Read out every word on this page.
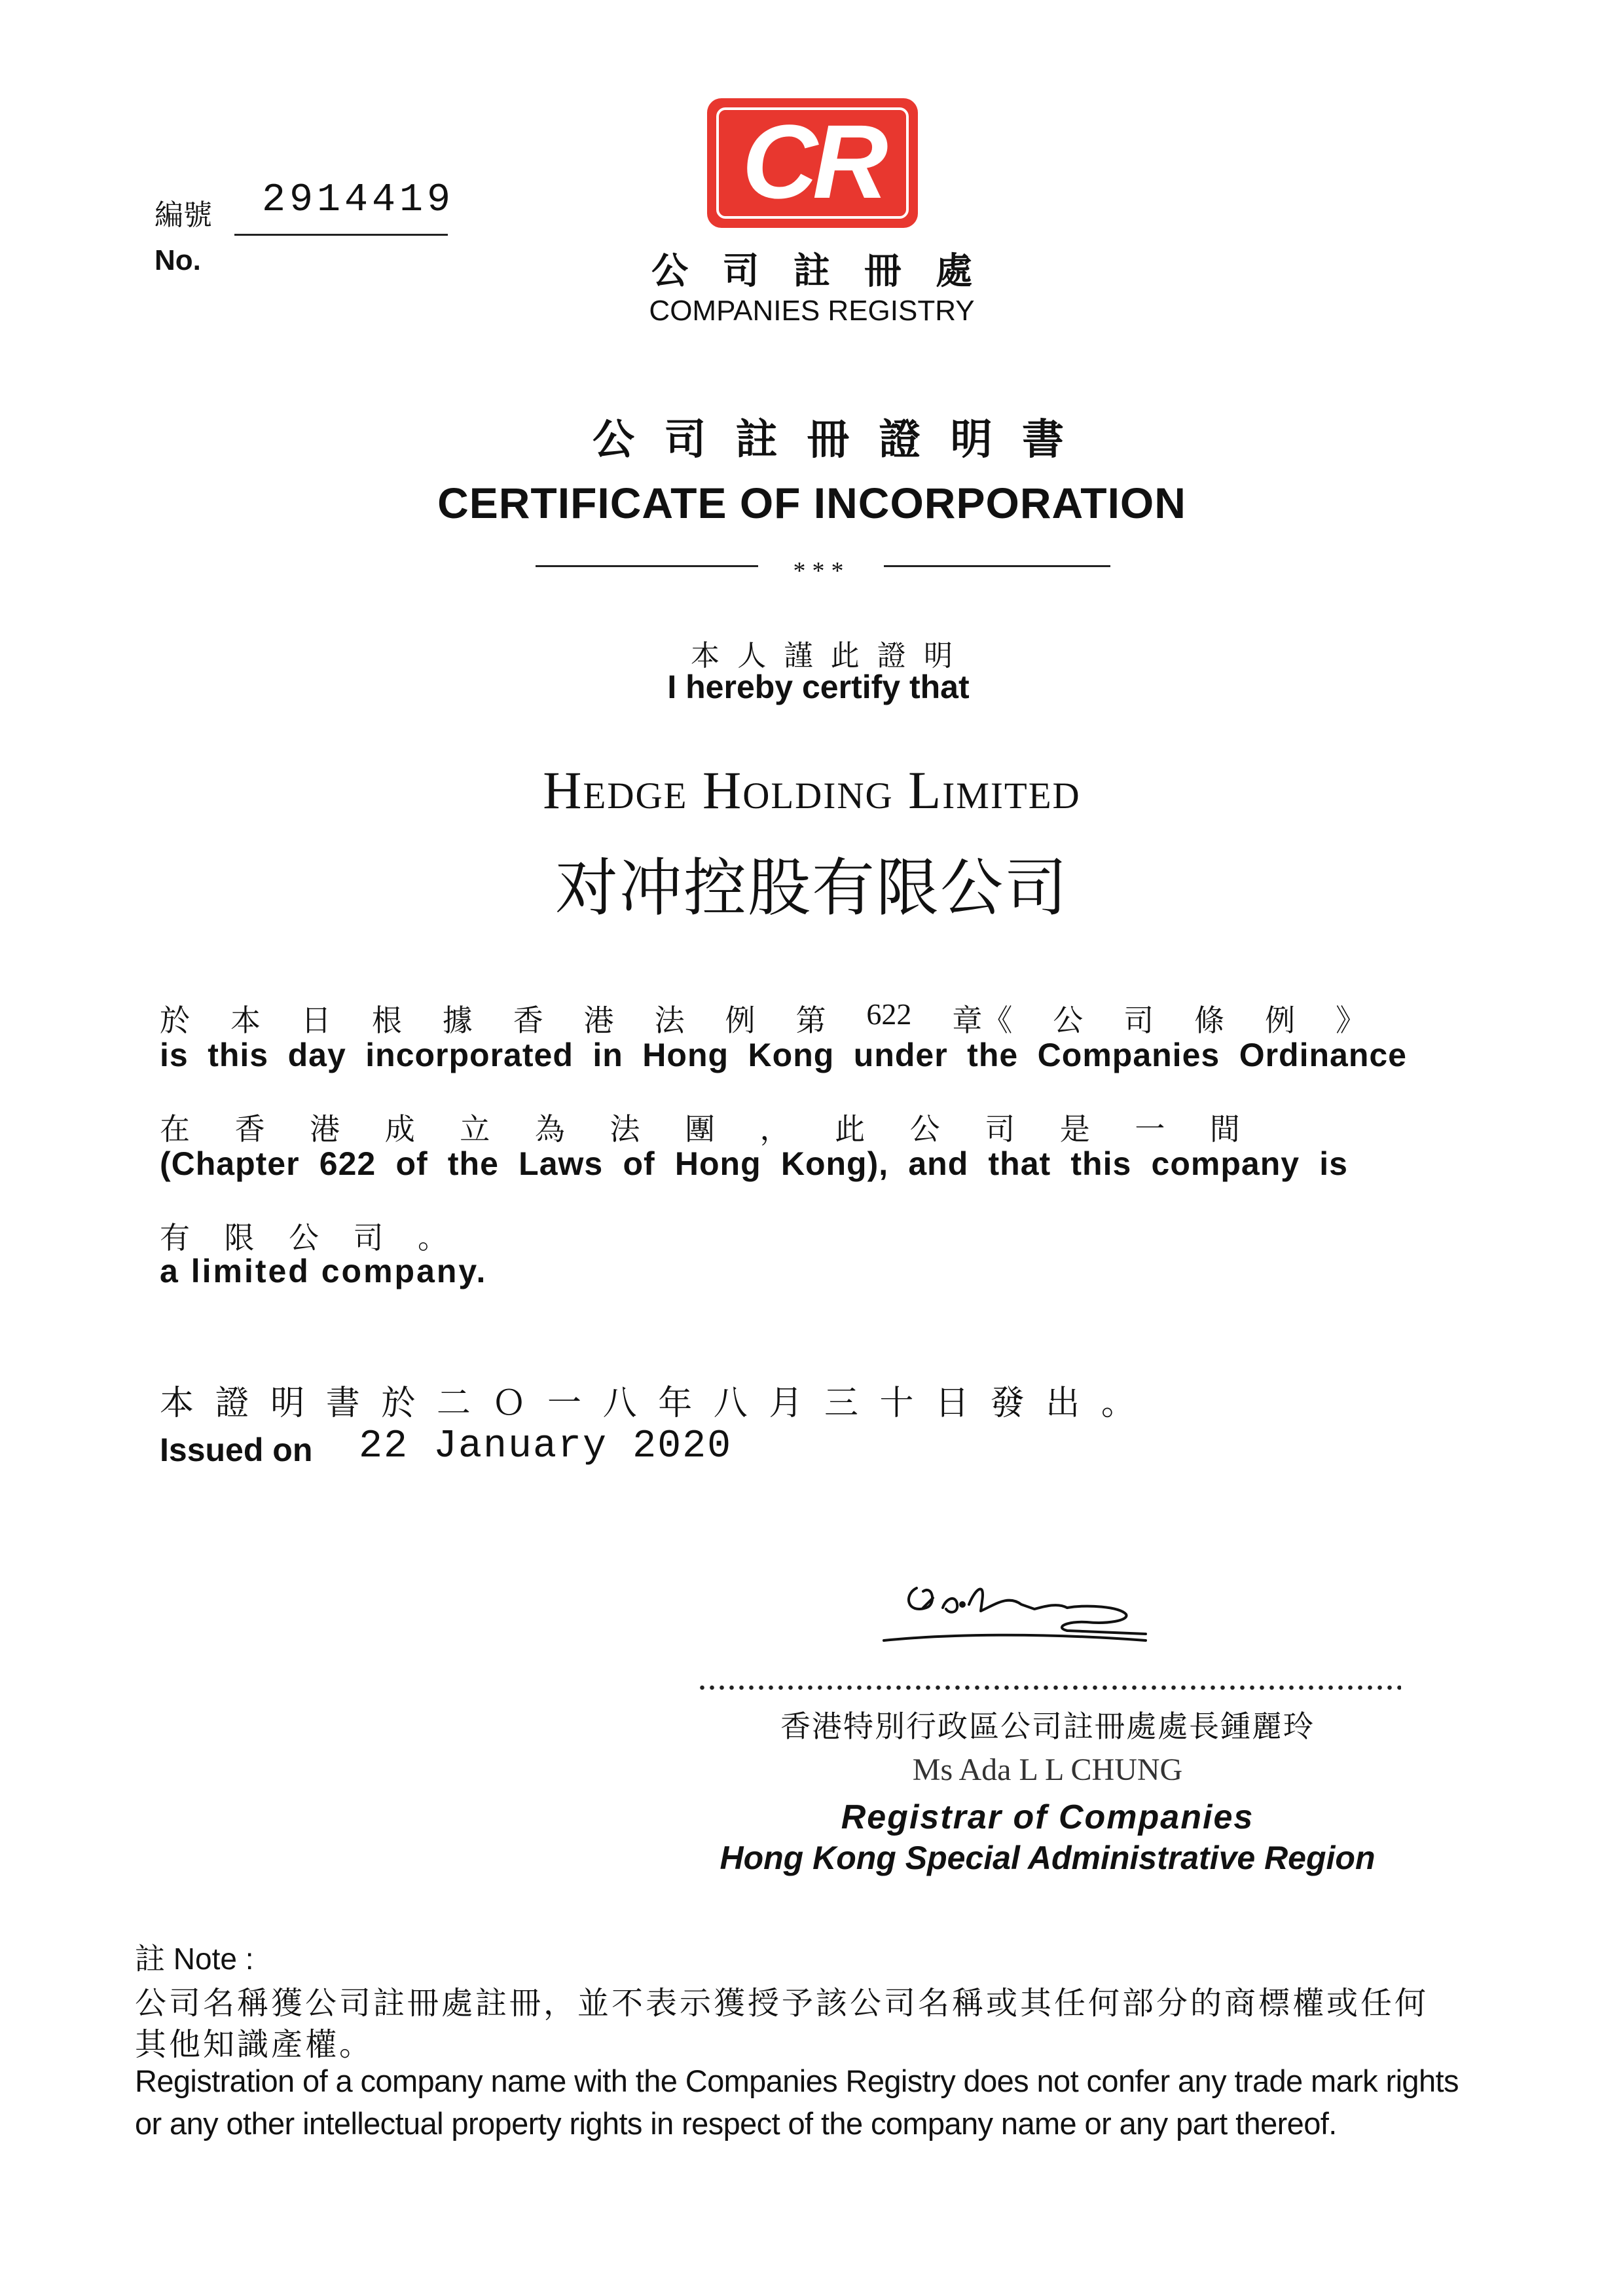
編號 2914419
No.
CR
公 司 註 冊 處
COMPANIES REGISTRY
公 司 註 冊 證 明 書
CERTIFICATE OF INCORPORATION
***
本 人 謹 此 證 明
I hereby certify that
Hedge Holding Limited
对冲控股有限公司
於 本 日 根 據 香 港 法 例 第 622 章《 公 司 條 例 》
is this day incorporated in Hong Kong under the Companies Ordinance
在 香 港 成 立 為 法 團 ， 此 公 司 是 一 間
(Chapter 622 of the Laws of Hong Kong), and that this company is
有 限 公 司 。
a limited company.
本 證 明 書 於 二 Ｏ 一 八 年 八 月 三 十 日 發 出 。
Issued on 22 January 2020
香港特別行政區公司註冊處處長鍾麗玲
Ms Ada L L CHUNG
Registrar of Companies
Hong Kong Special Administrative Region
註 Note :
公司名稱獲公司註冊處註冊，並不表示獲授予該公司名稱或其任何部分的商標權或任何
其他知識產權。
Registration of a company name with the Companies Registry does not confer any trade mark rights
or any other intellectual property rights in respect of the company name or any part thereof.
